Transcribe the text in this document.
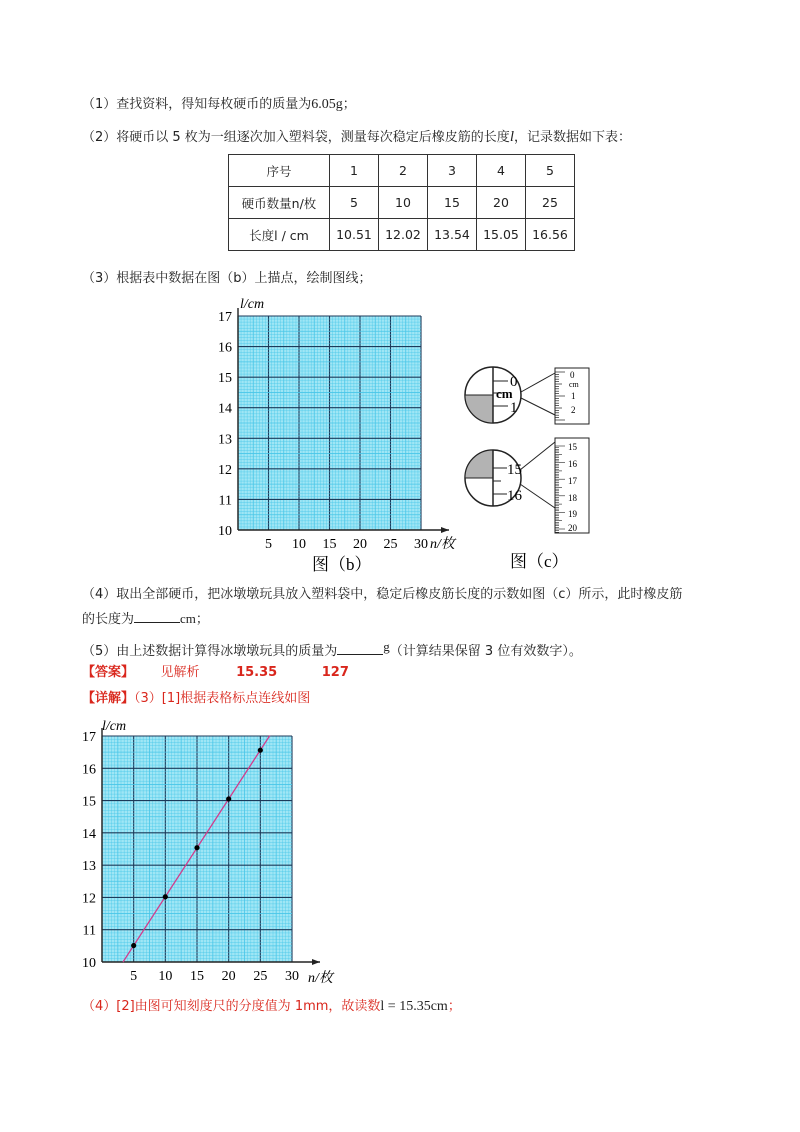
（1）查找资料，得知每枚硬币的质量为6.05g；
（2）将硬币以 5 枚为一组逐次加入塑料袋，测量每次稳定后橡皮筋的长度l，记录数据如下表：
序号	1	2	3	4	5
硬币数量n/枚	5	10	15	20	25
长度l / cm	10.51	12.02	13.54	15.05	16.56
（3）根据表中数据在图（b）上描点，绘制图线；
l/cm
n/枚
10
11
12
13
14
15
16
17
5 10 15 20 25 30
图（b）
0
cm
1
0
cm
1
2
15
16
15
16
17
18
19
20
图（c）
（4）取出全部硬币，把冰墩墩玩具放入塑料袋中，稳定后橡皮筋长度的示数如图（c）所示，此时橡皮筋
的长度为	cm；
（5）由上述数据计算得冰墩墩玩具的质量为	g（计算结果保留 3 位有效数字）。
【答案】 见解析	15.35	127
【详解】（3）[1]根据表格标点连线如图
10
11
12
13
14
15
16
17
5 10 15 20 25 30
l/cm
n/枚
（4）[2]由图可知刻度尺的分度值为 1mm，故读数l = 15.35cm；
